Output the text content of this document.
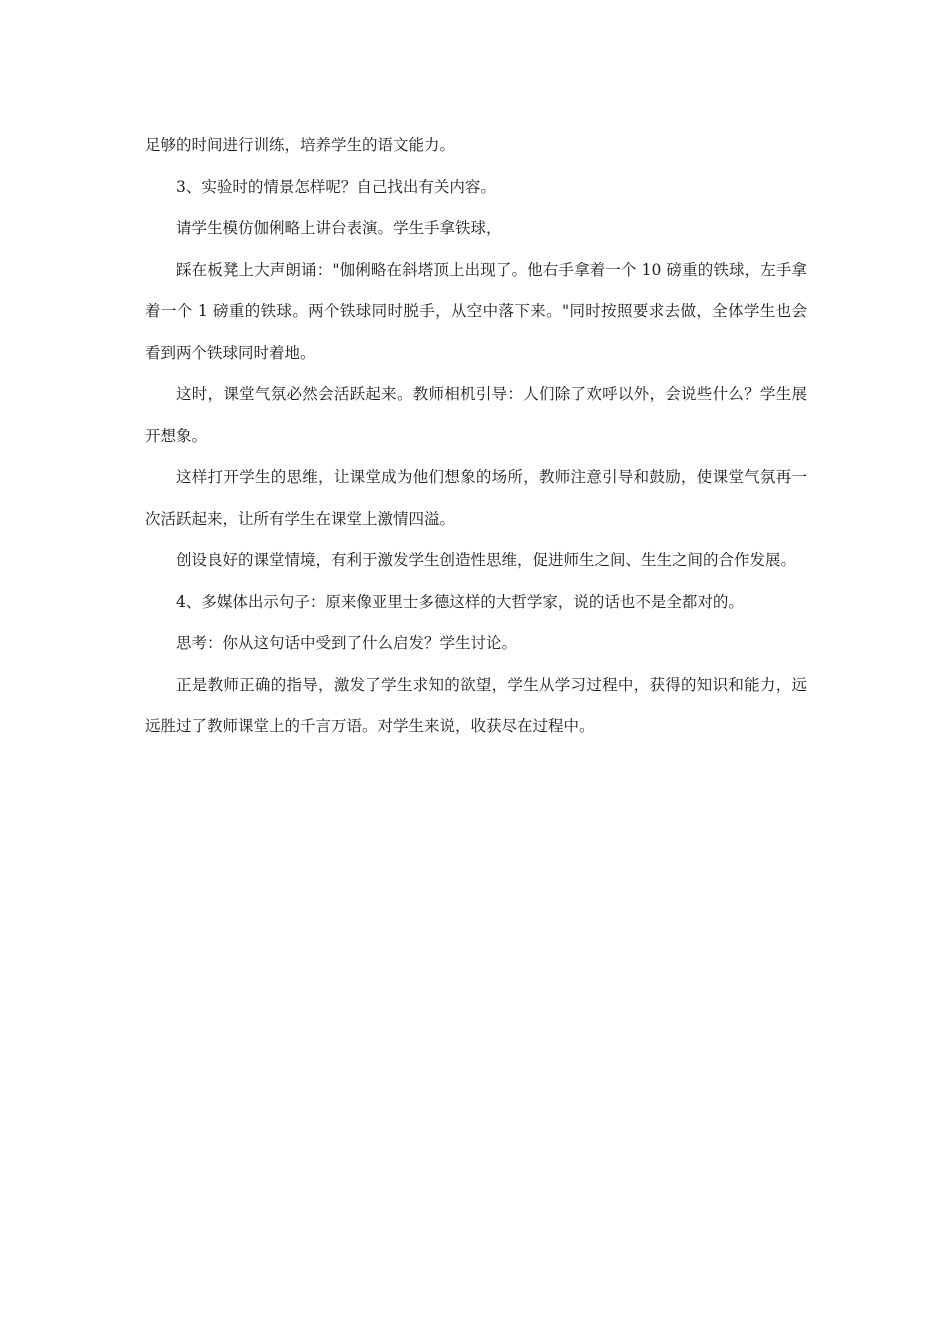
足够的时间进行训练，培养学生的语文能力。

3、实验时的情景怎样呢？自己找出有关内容。

请学生模仿伽俐略上讲台表演。学生手拿铁球，

踩在板凳上大声朗诵："伽俐略在斜塔顶上出现了。他右手拿着一个 10 磅重的铁球，左手拿着一个 1 磅重的铁球。两个铁球同时脱手，从空中落下来。"同时按照要求去做，全体学生也会看到两个铁球同时着地。

这时，课堂气氛必然会活跃起来。教师相机引导：人们除了欢呼以外，会说些什么？学生展开想象。

这样打开学生的思维，让课堂成为他们想象的场所，教师注意引导和鼓励，使课堂气氛再一次活跃起来，让所有学生在课堂上激情四溢。

创设良好的课堂情境，有利于激发学生创造性思维，促进师生之间、生生之间的合作发展。

4、多媒体出示句子：原来像亚里士多德这样的大哲学家，说的话也不是全都对的。

思考：你从这句话中受到了什么启发？学生讨论。

正是教师正确的指导，激发了学生求知的欲望，学生从学习过程中，获得的知识和能力，远远胜过了教师课堂上的千言万语。对学生来说，收获尽在过程中。
